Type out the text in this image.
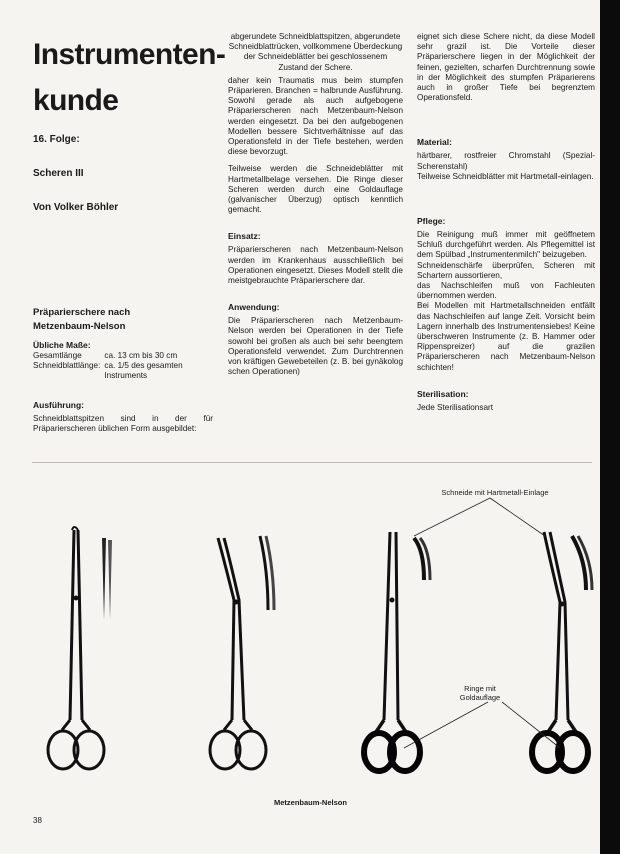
Instrumenten-
kunde
16. Folge:
Scheren III
Von Volker Böhler
Präparierschere nach
Metzenbaum-Nelson
Übliche Maße:
Gesamtlänge	ca. 13 cm bis 30 cm
Schneidblattlänge:	ca. 1/5 des gesamten Instruments
Ausführung:

Schneidblattspitzen sind in der für Präparierscheren üblichen Form ausgebildet:

abgerundete Schneidblattspitzen, abgerundete Schneidblattrücken, vollkommene Überdeckung der Schneideblätter bei geschlossenem Zustand der Schere.

daher kein Traumatis mus beim stumpfen Präparieren. Branchen = halbrunde Ausführung. Sowohl gerade als auch aufgebogene Präparierscheren nach Metzenbaum-Nelson werden eingesetzt. Da bei den aufgebogenen Modellen bessere Sichtverhältnisse auf das Operationsfeld in der Tiefe bestehen, werden diese bevorzugt.

Teilweise werden die Schneideblätter mit Hartmetallbelage versehen. Die Ringe dieser Scheren werden durch eine Goldauflage (galvanischer Überzug) optisch kenntlich gemacht.

Einsatz:

Präparierscheren nach Metzenbaum-Nelson werden im Krankenhaus ausschließlich bei Operationen eingesetzt. Dieses Modell stellt die meistgebrauchte Präparierschere dar.

Anwendung:

Die Präparierscheren nach Metzenbaum-Nelson werden bei Operationen in der Tiefe sowohl bei großen als auch bei sehr beengtem Operationsfeld verwendet. Zum Durchtrennen von kräftigen Gewebeteilen (z. B. bei gynäkolog schen Operationen)

eignet sich diese Schere nicht, da diese Modell sehr grazil ist. Die Vorteile dieser Präparierschere liegen in der Möglichkeit der feinen, gezielten, scharfen Durchtrennung sowie in der Möglichkeit des stumpfen Präparierens auch in großer Tiefe bei begrenztem Operationsfeld.

Material:

härtbarer, rostfreier Chromstahl (Spezial-Scherenstahl)
Teilweise Schneidblätter mit Hartmetall-einlagen.

Pflege:

Die Reinigung muß immer mit geöffnetem Schluß durchgeführt werden. Als Pflegemittel ist dem Spülbad „Instrumentenmilch" beizugeben.
Schneidenschärfe überprüfen, Scheren mit Schartern aussortieren,
das Nachschleifen muß von Fachleuten übernommen werden.
Bei Modellen mit Hartmetallschneiden entfällt das Nachschleifen auf lange Zeit. Vorsicht beim Lagern innerhalb des Instrumentensiebes! Keine überschweren Instrumente (z. B. Hammer oder Rippenspreizer) auf die grazilen Präparierscheren nach Metzenbaum-Nelson schichten!

Sterilisation:

Jede Sterilisationsart

Schneide mit Hartmetall-Einlage
Ringe mit
Goldauflage
Metzenbaum-Nelson
38
